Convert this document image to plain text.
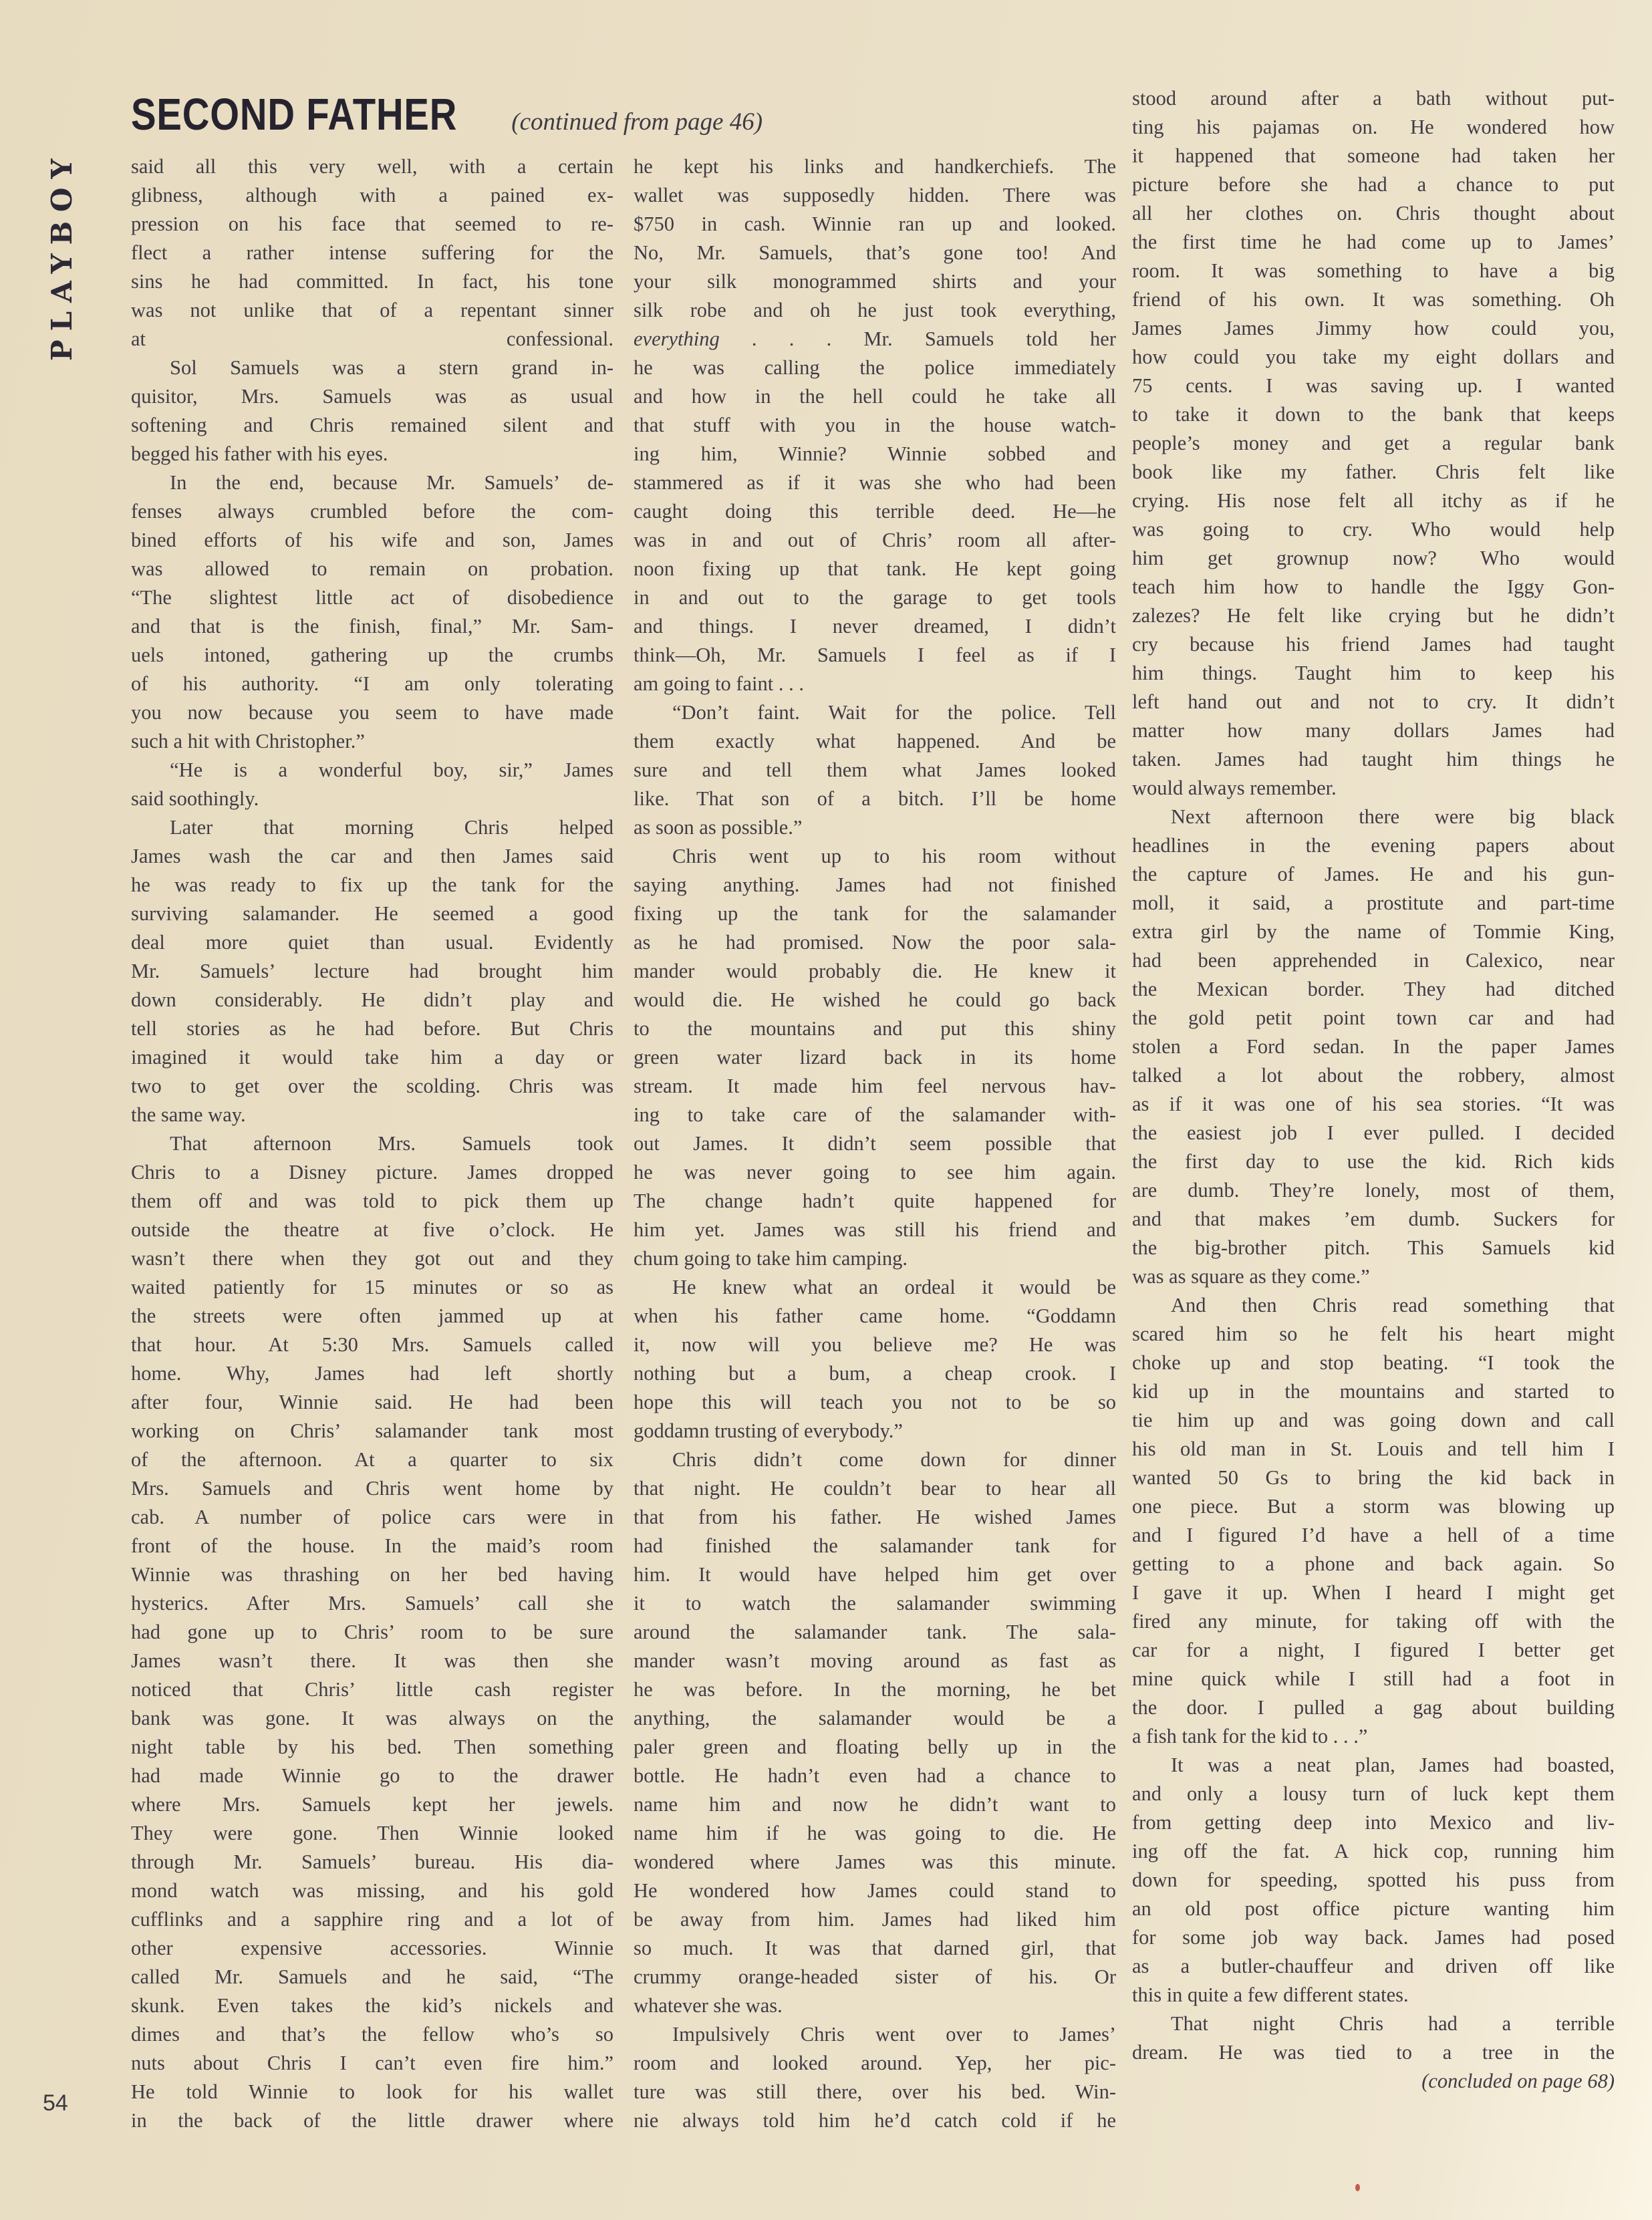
PLAYBOY
SECOND FATHER (continued from page 46)
said all this very well, with a certain
glibness, although with a pained ex-
pression on his face that seemed to re-
flect a rather intense suffering for the
sins he had committed. In fact, his tone
was not unlike that of a repentant sinner
at confessional.
Sol Samuels was a stern grand in-
quisitor, Mrs. Samuels was as usual
softening and Chris remained silent and
begged his father with his eyes.
In the end, because Mr. Samuels’ de-
fenses always crumbled before the com-
bined efforts of his wife and son, James
was allowed to remain on probation.
“The slightest little act of disobedience
and that is the finish, final,” Mr. Sam-
uels intoned, gathering up the crumbs
of his authority. “I am only tolerating
you now because you seem to have made
such a hit with Christopher.”
“He is a wonderful boy, sir,” James
said soothingly.
Later that morning Chris helped
James wash the car and then James said
he was ready to fix up the tank for the
surviving salamander. He seemed a good
deal more quiet than usual. Evidently
Mr. Samuels’ lecture had brought him
down considerably. He didn’t play and
tell stories as he had before. But Chris
imagined it would take him a day or
two to get over the scolding. Chris was
the same way.
That afternoon Mrs. Samuels took
Chris to a Disney picture. James dropped
them off and was told to pick them up
outside the theatre at five o’clock. He
wasn’t there when they got out and they
waited patiently for 15 minutes or so as
the streets were often jammed up at
that hour. At 5:30 Mrs. Samuels called
home. Why, James had left shortly
after four, Winnie said. He had been
working on Chris’ salamander tank most
of the afternoon. At a quarter to six
Mrs. Samuels and Chris went home by
cab. A number of police cars were in
front of the house. In the maid’s room
Winnie was thrashing on her bed having
hysterics. After Mrs. Samuels’ call she
had gone up to Chris’ room to be sure
James wasn’t there. It was then she
noticed that Chris’ little cash register
bank was gone. It was always on the
night table by his bed. Then something
had made Winnie go to the drawer
where Mrs. Samuels kept her jewels.
They were gone. Then Winnie looked
through Mr. Samuels’ bureau. His dia-
mond watch was missing, and his gold
cufflinks and a sapphire ring and a lot of
other expensive accessories. Winnie
called Mr. Samuels and he said, “The
skunk. Even takes the kid’s nickels and
dimes and that’s the fellow who’s so
nuts about Chris I can’t even fire him.”
He told Winnie to look for his wallet
in the back of the little drawer where
he kept his links and handkerchiefs. The
wallet was supposedly hidden. There was
$750 in cash. Winnie ran up and looked.
No, Mr. Samuels, that’s gone too! And
your silk monogrammed shirts and your
silk robe and oh he just took everything,
everything . . . Mr. Samuels told her
he was calling the police immediately
and how in the hell could he take all
that stuff with you in the house watch-
ing him, Winnie? Winnie sobbed and
stammered as if it was she who had been
caught doing this terrible deed. He—he
was in and out of Chris’ room all after-
noon fixing up that tank. He kept going
in and out to the garage to get tools
and things. I never dreamed, I didn’t
think—Oh, Mr. Samuels I feel as if I
am going to faint . . .
“Don’t faint. Wait for the police. Tell
them exactly what happened. And be
sure and tell them what James looked
like. That son of a bitch. I’ll be home
as soon as possible.”
Chris went up to his room without
saying anything. James had not finished
fixing up the tank for the salamander
as he had promised. Now the poor sala-
mander would probably die. He knew it
would die. He wished he could go back
to the mountains and put this shiny
green water lizard back in its home
stream. It made him feel nervous hav-
ing to take care of the salamander with-
out James. It didn’t seem possible that
he was never going to see him again.
The change hadn’t quite happened for
him yet. James was still his friend and
chum going to take him camping.
He knew what an ordeal it would be
when his father came home. “Goddamn
it, now will you believe me? He was
nothing but a bum, a cheap crook. I
hope this will teach you not to be so
goddamn trusting of everybody.”
Chris didn’t come down for dinner
that night. He couldn’t bear to hear all
that from his father. He wished James
had finished the salamander tank for
him. It would have helped him get over
it to watch the salamander swimming
around the salamander tank. The sala-
mander wasn’t moving around as fast as
he was before. In the morning, he bet
anything, the salamander would be a
paler green and floating belly up in the
bottle. He hadn’t even had a chance to
name him and now he didn’t want to
name him if he was going to die. He
wondered where James was this minute.
He wondered how James could stand to
be away from him. James had liked him
so much. It was that darned girl, that
crummy orange-headed sister of his. Or
whatever she was.
Impulsively Chris went over to James’
room and looked around. Yep, her pic-
ture was still there, over his bed. Win-
nie always told him he’d catch cold if he
stood around after a bath without put-
ting his pajamas on. He wondered how
it happened that someone had taken her
picture before she had a chance to put
all her clothes on. Chris thought about
the first time he had come up to James’
room. It was something to have a big
friend of his own. It was something. Oh
James James Jimmy how could you,
how could you take my eight dollars and
75 cents. I was saving up. I wanted
to take it down to the bank that keeps
people’s money and get a regular bank
book like my father. Chris felt like
crying. His nose felt all itchy as if he
was going to cry. Who would help
him get grownup now? Who would
teach him how to handle the Iggy Gon-
zalezes? He felt like crying but he didn’t
cry because his friend James had taught
him things. Taught him to keep his
left hand out and not to cry. It didn’t
matter how many dollars James had
taken. James had taught him things he
would always remember.
Next afternoon there were big black
headlines in the evening papers about
the capture of James. He and his gun-
moll, it said, a prostitute and part-time
extra girl by the name of Tommie King,
had been apprehended in Calexico, near
the Mexican border. They had ditched
the gold petit point town car and had
stolen a Ford sedan. In the paper James
talked a lot about the robbery, almost
as if it was one of his sea stories. “It was
the easiest job I ever pulled. I decided
the first day to use the kid. Rich kids
are dumb. They’re lonely, most of them,
and that makes ’em dumb. Suckers for
the big-brother pitch. This Samuels kid
was as square as they come.”
And then Chris read something that
scared him so he felt his heart might
choke up and stop beating. “I took the
kid up in the mountains and started to
tie him up and was going down and call
his old man in St. Louis and tell him I
wanted 50 Gs to bring the kid back in
one piece. But a storm was blowing up
and I figured I’d have a hell of a time
getting to a phone and back again. So
I gave it up. When I heard I might get
fired any minute, for taking off with the
car for a night, I figured I better get
mine quick while I still had a foot in
the door. I pulled a gag about building
a fish tank for the kid to . . .”
It was a neat plan, James had boasted,
and only a lousy turn of luck kept them
from getting deep into Mexico and liv-
ing off the fat. A hick cop, running him
down for speeding, spotted his puss from
an old post office picture wanting him
for some job way back. James had posed
as a butler-chauffeur and driven off like
this in quite a few different states.
That night Chris had a terrible
dream. He was tied to a tree in the
(concluded on page 68)
54
